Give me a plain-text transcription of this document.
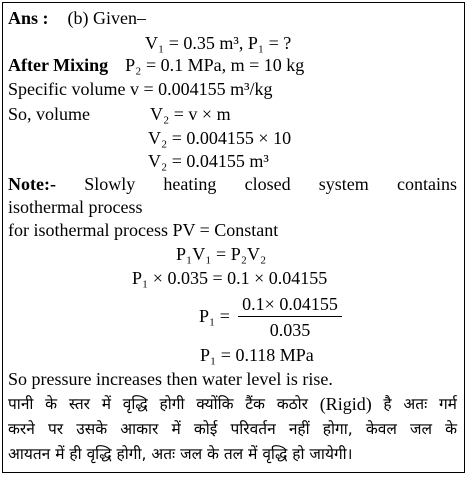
Ans : (b) Given–
V₁ = 0.35 m³, P₁ = ?
After Mixing P₂ = 0.1 MPa, m = 10 kg
Specific volume v = 0.004155 m³/kg
So, volume	V₂ = v × m
V₂ = 0.004155 × 10
V₂ = 0.04155 m³
Note:- Slowly heating closed system contains
isothermal process
for isothermal process PV = Constant
P₁V₁ = P₂V₂
P₁ × 0.035 = 0.1 × 0.04155
P₁ =
0.1× 0.04155
0.035
P₁ = 0.118 MPa
So pressure increases then water level is rise.
पानी के स्तर में वृद्धि होगी क्योंकि टैंक कठोर (Rigid) है अतः गर्म
करने पर उसके आकार में कोई परिवर्तन नहीं होगा, केवल जल के
आयतन में ही वृद्धि होगी, अतः जल के तल में वृद्धि हो जायेगी।
